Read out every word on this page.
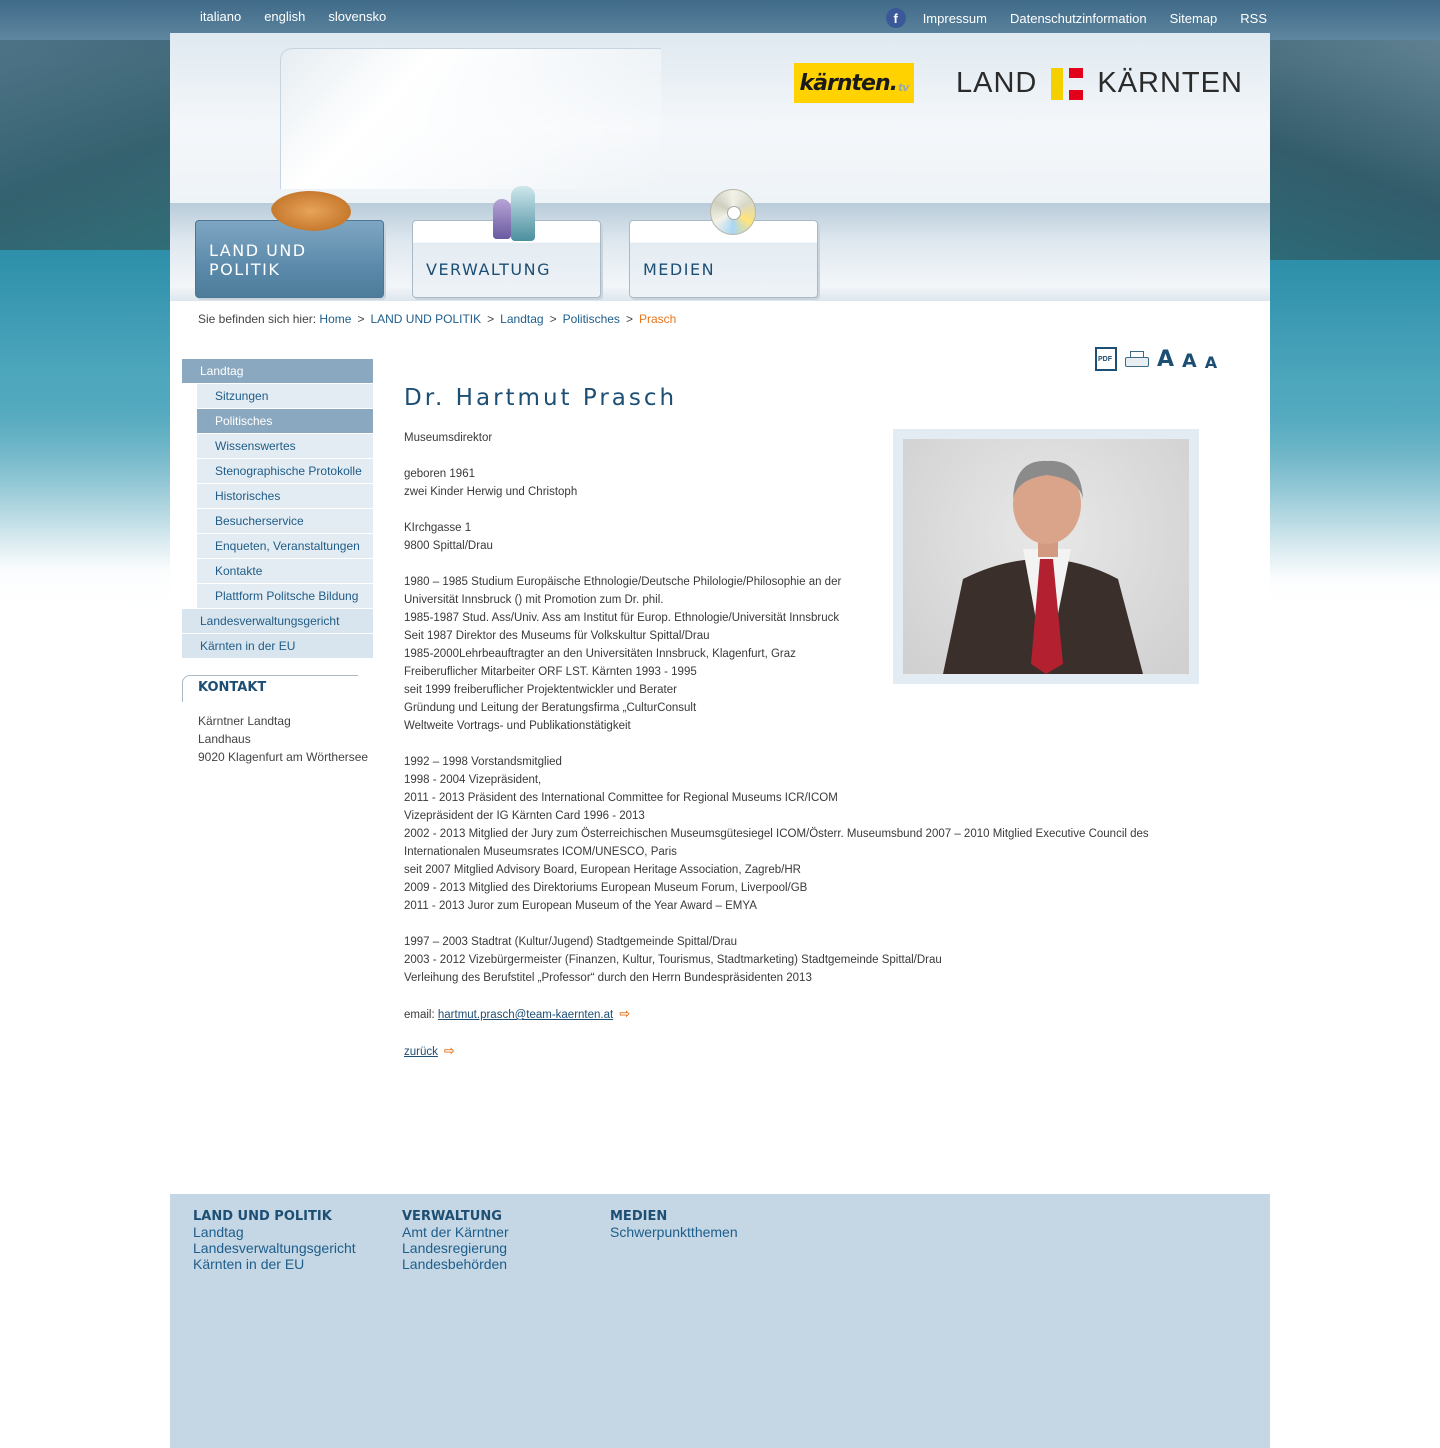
italiano english slovensko	f	Impressum Datenschutzinformation Sitemap RSS
kärnten. tv LAND KÄRNTEN
LAND UND POLITIK	VERWALTUNG	MEDIEN
Sie befinden sich hier: Home > LAND UND POLITIK > Landtag > Politisches > Prasch
Landtag
Sitzungen
Politisches
Wissenswertes
Stenographische Protokolle
Historisches
Besucherservice
Enqueten, Veranstaltungen
Kontakte
Plattform Politsche Bildung
Landesverwaltungsgericht
Kärnten in der EU
KONTAKT
Kärntner Landtag
Landhaus
9020 Klagenfurt am Wörthersee
PDF A A A
Dr. Hartmut Prasch

Museumsdirektor

geboren 1961

zwei Kinder Herwig und Christoph

KIrchgasse 1

9800 Spittal/Drau

1980 – 1985 Studium Europäische Ethnologie/Deutsche Philologie/Philosophie an der

Universität Innsbruck () mit Promotion zum Dr. phil.

1985-1987 Stud. Ass/Univ. Ass am Institut für Europ. Ethnologie/Universität Innsbruck

Seit 1987 Direktor des Museums für Volkskultur Spittal/Drau

1985-2000Lehrbeauftragter an den Universitäten Innsbruck, Klagenfurt, Graz

Freiberuflicher Mitarbeiter ORF LST. Kärnten 1993 - 1995

seit 1999 freiberuflicher Projektentwickler und Berater

Gründung und Leitung der Beratungsfirma „CulturConsult

Weltweite Vortrags- und Publikationstätigkeit

1992 – 1998 Vorstandsmitglied

1998 - 2004 Vizepräsident,

2011 - 2013 Präsident des International Committee for Regional Museums ICR/ICOM

Vizepräsident der IG Kärnten Card 1996 - 2013

2002 - 2013 Mitglied der Jury zum Österreichischen Museumsgütesiegel ICOM/Österr. Museumsbund 2007 – 2010 Mitglied Executive Council des

Internationalen Museumsrates ICOM/UNESCO, Paris

seit 2007 Mitglied Advisory Board, European Heritage Association, Zagreb/HR

2009 - 2013 Mitglied des Direktoriums European Museum Forum, Liverpool/GB

2011 - 2013 Juror zum European Museum of the Year Award – EMYA

1997 – 2003 Stadtrat (Kultur/Jugend) Stadtgemeinde Spittal/Drau

2003 - 2012 Vizebürgermeister (Finanzen, Kultur, Tourismus, Stadtmarketing) Stadtgemeinde Spittal/Drau

Verleihung des Berufstitel „Professor“ durch den Herrn Bundespräsidenten 2013

email: hartmut.prasch@team-kaernten.at ⇨

zurück ⇨

LAND UND POLITIK
Landtag
Landesverwaltungsgericht
Kärnten in der EU
VERWALTUNG
Amt der Kärntner
Landesregierung
Landesbehörden
MEDIEN
Schwerpunktthemen
